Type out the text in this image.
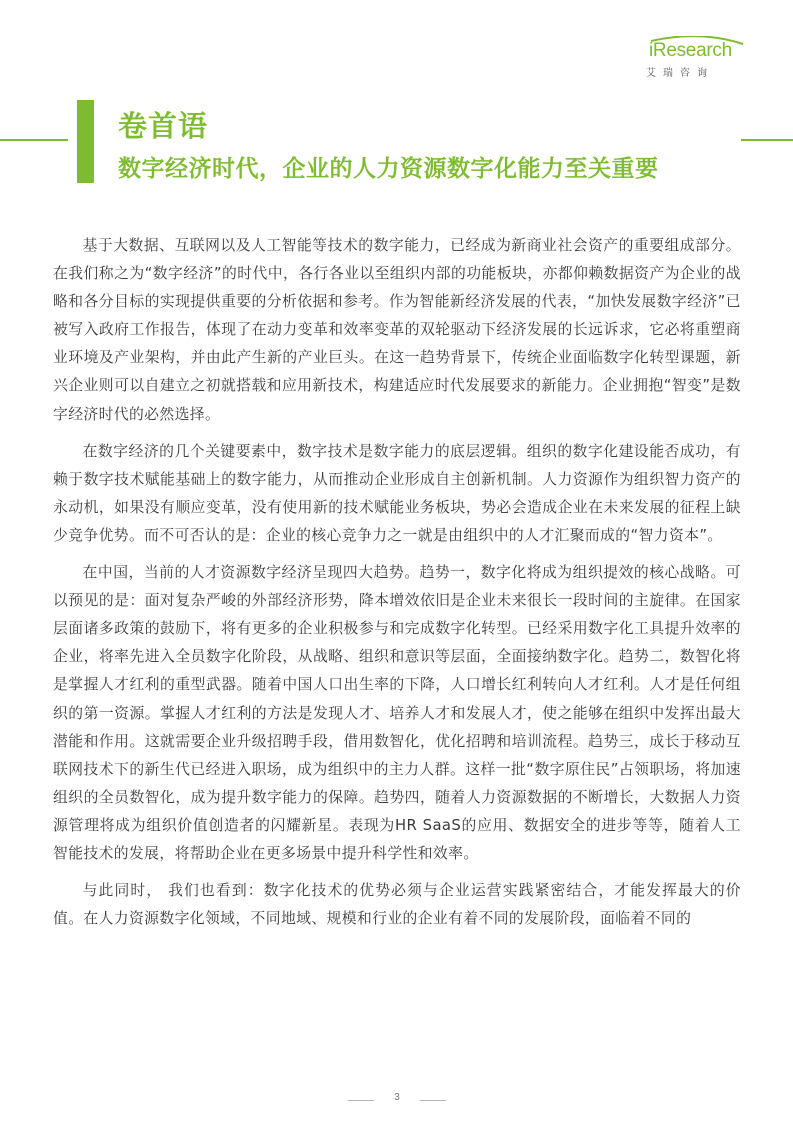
iResearch
艾瑞咨询
卷首语
数字经济时代，企业的人力资源数字化能力至关重要

基于大数据、互联网以及人工智能等技术的数字能力，已经成为新商业社会资产的重要组成部分。在我们称之为“数字经济”的时代中，各行各业以至组织内部的功能板块，亦都仰赖数据资产为企业的战略和各分目标的实现提供重要的分析依据和参考。作为智能新经济发展的代表，“加快发展数字经济”已被写入政府工作报告，体现了在动力变革和效率变革的双轮驱动下经济发展的长远诉求，它必将重塑商业环境及产业架构，并由此产生新的产业巨头。在这一趋势背景下，传统企业面临数字化转型课题，新兴企业则可以自建立之初就搭载和应用新技术，构建适应时代发展要求的新能力。企业拥抱“智变”是数字经济时代的必然选择。

在数字经济的几个关键要素中，数字技术是数字能力的底层逻辑。组织的数字化建设能否成功，有赖于数字技术赋能基础上的数字能力，从而推动企业形成自主创新机制。人力资源作为组织智力资产的永动机，如果没有顺应变革，没有使用新的技术赋能业务板块，势必会造成企业在未来发展的征程上缺少竞争优势。而不可否认的是：企业的核心竞争力之一就是由组织中的人才汇聚而成的“智力资本”。

在中国，当前的人才资源数字经济呈现四大趋势。趋势一，数字化将成为组织提效的核心战略。可以预见的是：面对复杂严峻的外部经济形势，降本增效依旧是企业未来很长一段时间的主旋律。在国家层面诸多政策的鼓励下，将有更多的企业积极参与和完成数字化转型。已经采用数字化工具提升效率的企业，将率先进入全员数字化阶段，从战略、组织和意识等层面，全面接纳数字化。趋势二，数智化将是掌握人才红利的重型武器。随着中国人口出生率的下降，人口增长红利转向人才红利。人才是任何组织的第一资源。掌握人才红利的方法是发现人才、培养人才和发展人才，使之能够在组织中发挥出最大潜能和作用。这就需要企业升级招聘手段，借用数智化，优化招聘和培训流程。趋势三，成长于移动互联网技术下的新生代已经进入职场，成为组织中的主力人群。这样一批“数字原住民”占领职场，将加速组织的全员数智化，成为提升数字能力的保障。趋势四，随着人力资源数据的不断增长，大数据人力资源管理将成为组织价值创造者的闪耀新星。表现为HR SaaS的应用、数据安全的进步等等，随着人工智能技术的发展，将帮助企业在更多场景中提升科学性和效率。

与此同时， 我们也看到：数字化技术的优势必须与企业运营实践紧密结合，才能发挥最大的价值。在人力资源数字化领域，不同地域、规模和行业的企业有着不同的发展阶段，面临着不同的

3
